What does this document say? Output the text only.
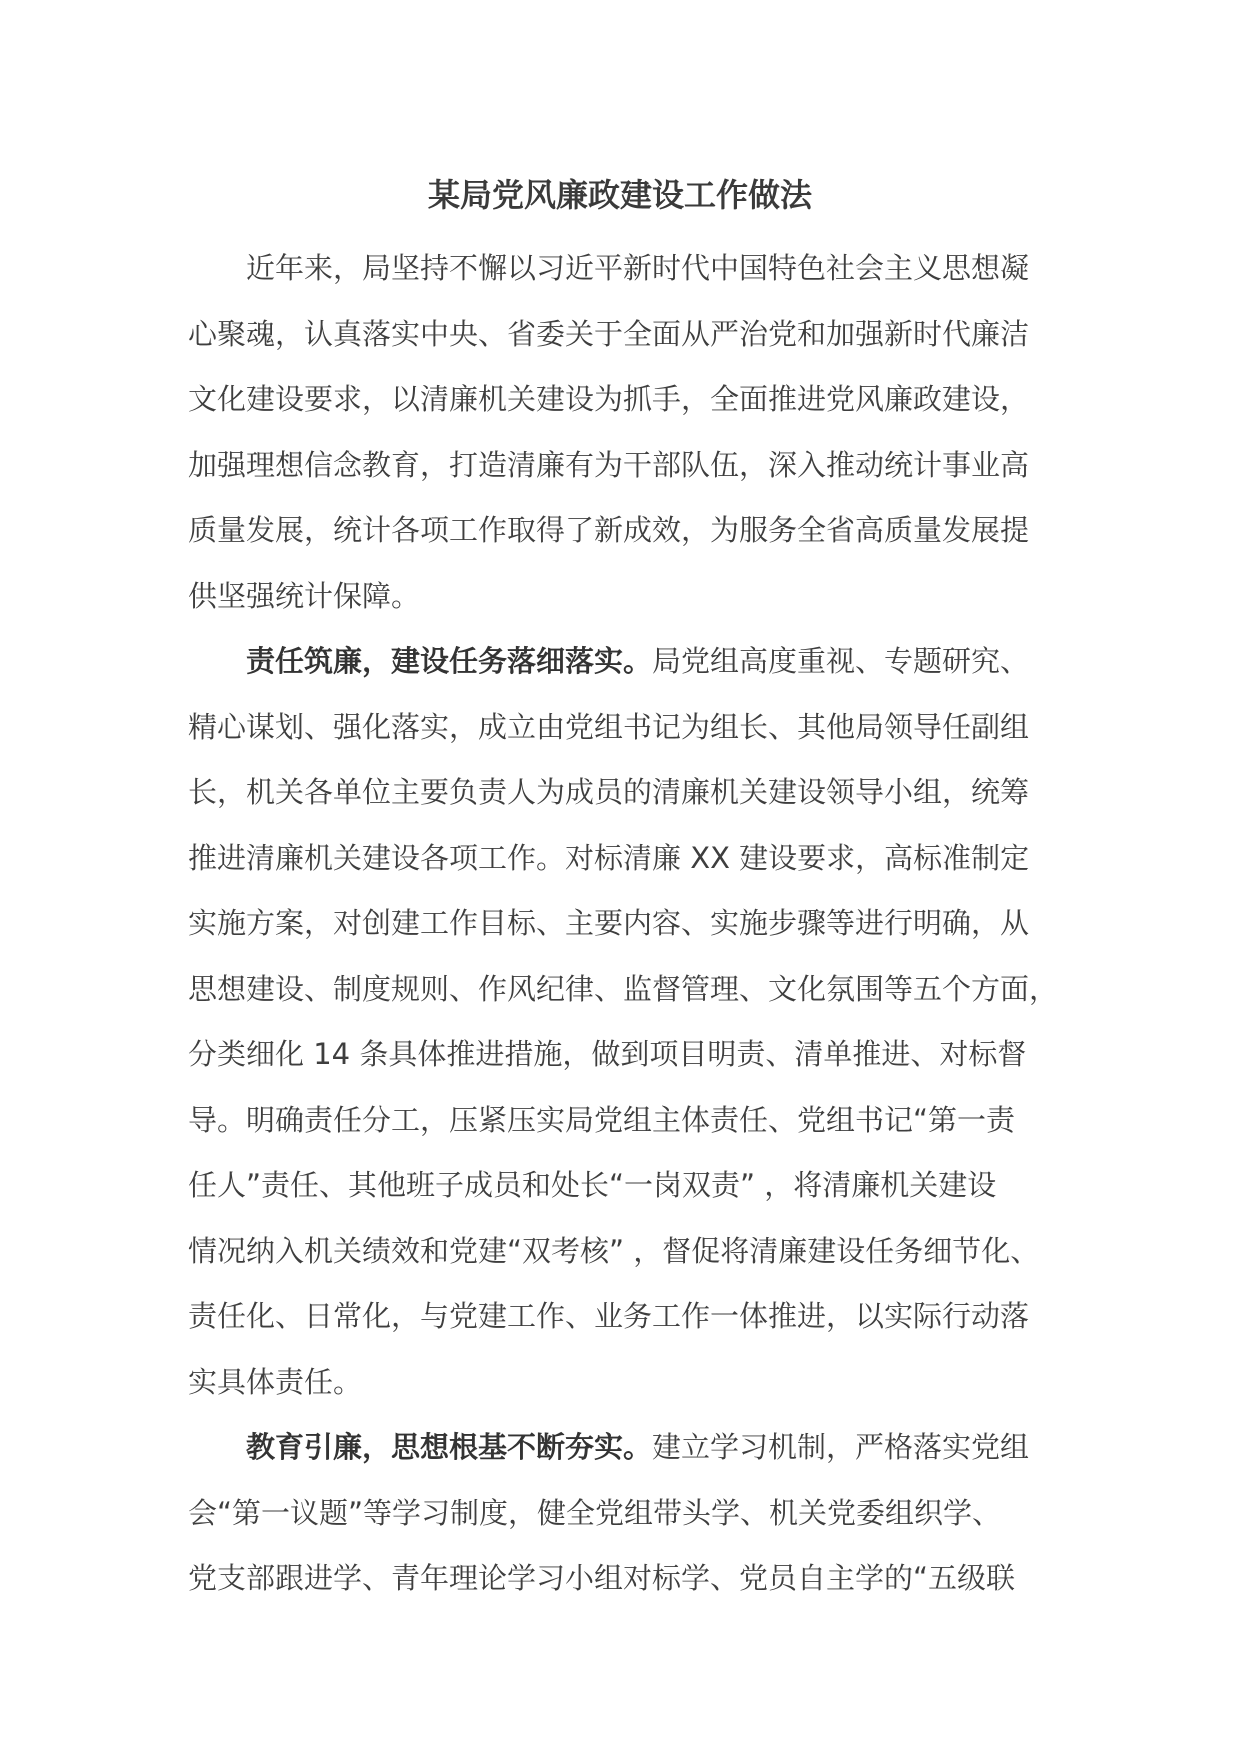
某局党风廉政建设工作做法

近年来，局坚持不懈以习近平新时代中国特色社会主义思想凝
心聚魂，认真落实中央、省委关于全面从严治党和加强新时代廉洁
文化建设要求，以清廉机关建设为抓手，全面推进党风廉政建设，
加强理想信念教育，打造清廉有为干部队伍，深入推动统计事业高
质量发展，统计各项工作取得了新成效，为服务全省高质量发展提
供坚强统计保障。

责任筑廉，建设任务落细落实。局党组高度重视、专题研究、
精心谋划、强化落实，成立由党组书记为组长、其他局领导任副组
长，机关各单位主要负责人为成员的清廉机关建设领导小组，统筹
推进清廉机关建设各项工作。对标清廉 XX 建设要求，高标准制定
实施方案，对创建工作目标、主要内容、实施步骤等进行明确，从
思想建设、制度规则、作风纪律、监督管理、文化氛围等五个方面，
分类细化 14 条具体推进措施，做到项目明责、清单推进、对标督
导。明确责任分工，压紧压实局党组主体责任、党组书记“第一责
任人”责任、其他班子成员和处长“一岗双责” ，将清廉机关建设
情况纳入机关绩效和党建“双考核” ，督促将清廉建设任务细节化、
责任化、日常化，与党建工作、业务工作一体推进，以实际行动落
实具体责任。

教育引廉，思想根基不断夯实。建立学习机制，严格落实党组
会“第一议题”等学习制度，健全党组带头学、机关党委组织学、
党支部跟进学、青年理论学习小组对标学、党员自主学的“五级联
